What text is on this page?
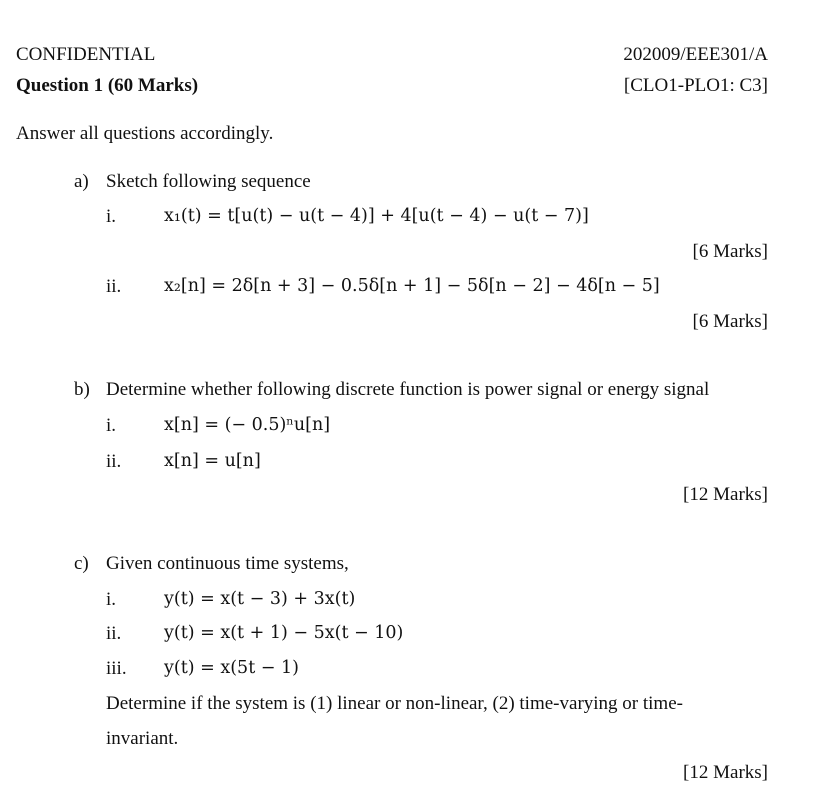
CONFIDENTIAL	202009/EEE301/A
Question 1 (60 Marks)	[CLO1-PLO1: C3]
Answer all questions accordingly.
a) Sketch following sequence
i.	x₁(t) = t[u(t) − u(t − 4)] + 4[u(t − 4) − u(t − 7)]
[6 Marks]
ii. x₂[n] = 2δ[n + 3] − 0.5δ[n + 1] − 5δ[n − 2] − 4δ[n − 5]
[6 Marks]
b) Determine whether following discrete function is power signal or energy signal
i.	x[n] = (− 0.5)ⁿu[n]
ii. x[n] = u[n]
[12 Marks]
c) Given continuous time systems,
i.	y(t) = x(t − 3) + 3x(t)
ii. y(t) = x(t + 1) − 5x(t − 10)
iii. y(t) = x(5t − 1)
Determine if the system is (1) linear or non-linear, (2) time-varying or time-
invariant.
[12 Marks]
